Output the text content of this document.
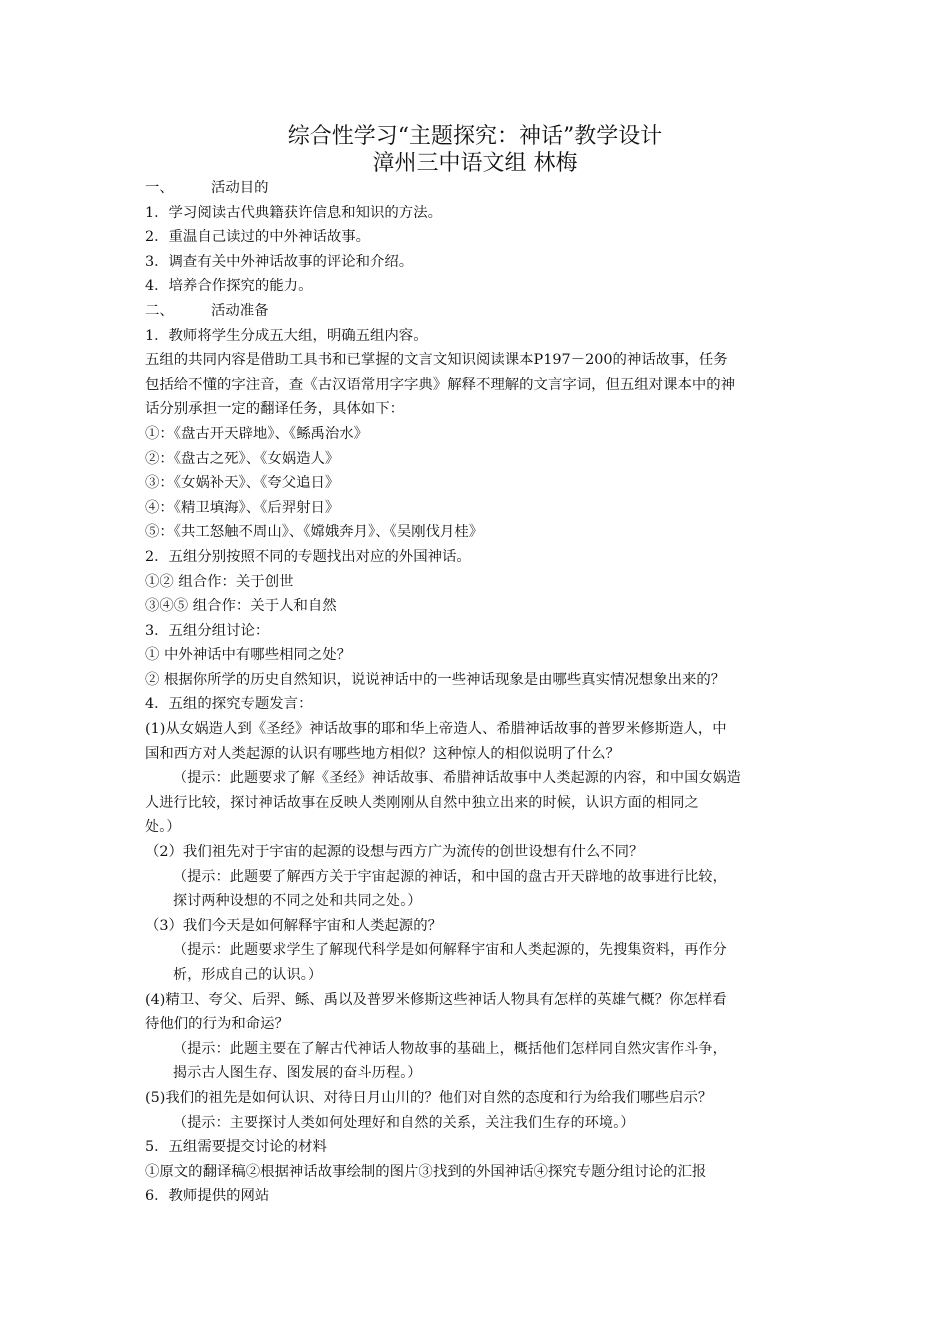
综合性学习“主题探究：神话”教学设计
漳州三中语文组 林梅
一、	活动目的
1．学习阅读古代典籍获许信息和知识的方法。
2．重温自己读过的中外神话故事。
3．调查有关中外神话故事的评论和介绍。
4．培养合作探究的能力。
二、	活动准备
1．教师将学生分成五大组，明确五组内容。
五组的共同内容是借助工具书和已掌握的文言文知识阅读课本P197－200的神话故事，任务
包括给不懂的字注音，查《古汉语常用字字典》解释不理解的文言字词，但五组对课本中的神
话分别承担一定的翻译任务，具体如下：
①：《盘古开天辟地》、《鲧禹治水》
②：《盘古之死》、《女娲造人》
③：《女娲补天》、《夸父追日》
④：《精卫填海》、《后羿射日》
⑤：《共工怒触不周山》、《嫦娥奔月》、《吴刚伐月桂》
2．五组分别按照不同的专题找出对应的外国神话。
①② 组合作：关于创世
③④⑤ 组合作：关于人和自然
3．五组分组讨论：
① 中外神话中有哪些相同之处？
② 根据你所学的历史自然知识，说说神话中的一些神话现象是由哪些真实情况想象出来的？
4．五组的探究专题发言：
(1)从女娲造人到《圣经》神话故事的耶和华上帝造人、希腊神话故事的普罗米修斯造人，中
国和西方对人类起源的认识有哪些地方相似？这种惊人的相似说明了什么？
（提示：此题要求了解《圣经》神话故事、希腊神话故事中人类起源的内容，和中国女娲造
人进行比较，探讨神话故事在反映人类刚刚从自然中独立出来的时候，认识方面的相同之
处。）
（2）我们祖先对于宇宙的起源的设想与西方广为流传的创世设想有什么不同？
（提示：此题要了解西方关于宇宙起源的神话，和中国的盘古开天辟地的故事进行比较，
探讨两种设想的不同之处和共同之处。）
（3）我们今天是如何解释宇宙和人类起源的？
（提示：此题要求学生了解现代科学是如何解释宇宙和人类起源的，先搜集资料，再作分
析，形成自己的认识。）
(4)精卫、夸父、后羿、鲧、禹以及普罗米修斯这些神话人物具有怎样的英雄气概？你怎样看
待他们的行为和命运？
（提示：此题主要在了解古代神话人物故事的基础上，概括他们怎样同自然灾害作斗争，
揭示古人图生存、图发展的奋斗历程。）
(5)我们的祖先是如何认识、对待日月山川的？他们对自然的态度和行为给我们哪些启示？
（提示：主要探讨人类如何处理好和自然的关系，关注我们生存的环境。）
5．五组需要提交讨论的材料
①原文的翻译稿②根据神话故事绘制的图片③找到的外国神话④探究专题分组讨论的汇报
6．教师提供的网站
